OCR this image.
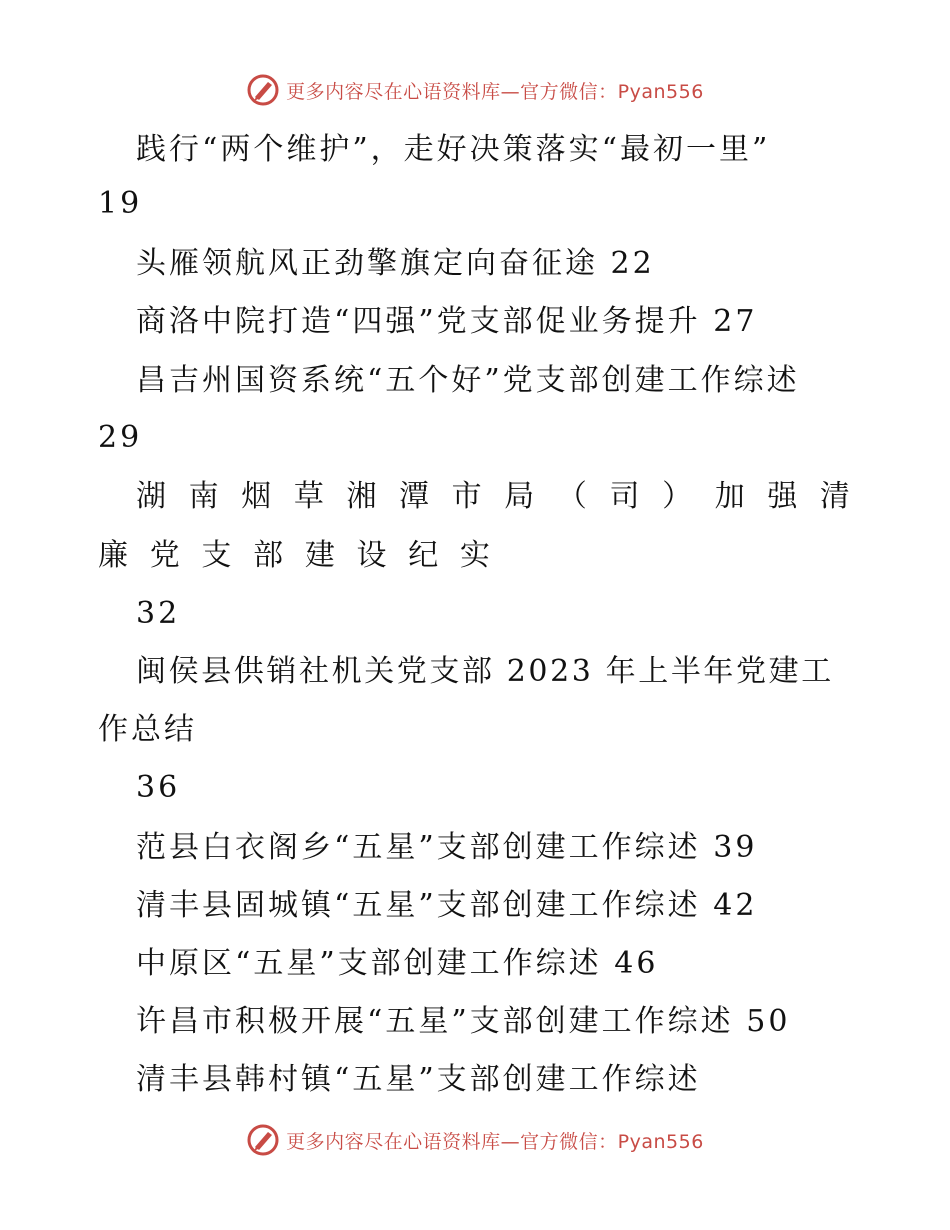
更多内容尽在心语资料库—官方微信：Pyan556
践行“两个维护”，走好决策落实“最初一里”
19
头雁领航风正劲擎旗定向奋征途 22
商洛中院打造“四强”党支部促业务提升 27
昌吉州国资系统“五个好”党支部创建工作综述
29
湖 南 烟 草 湘 潭 市 局 （ 司 ） 加 强 清
廉 党 支 部 建 设 纪 实
32
闽侯县供销社机关党支部 2023 年上半年党建工
作总结
36
范县白衣阁乡“五星”支部创建工作综述 39
清丰县固城镇“五星”支部创建工作综述 42
中原区“五星”支部创建工作综述 46
许昌市积极开展“五星”支部创建工作综述 50
清丰县韩村镇“五星”支部创建工作综述
更多内容尽在心语资料库—官方微信：Pyan556
